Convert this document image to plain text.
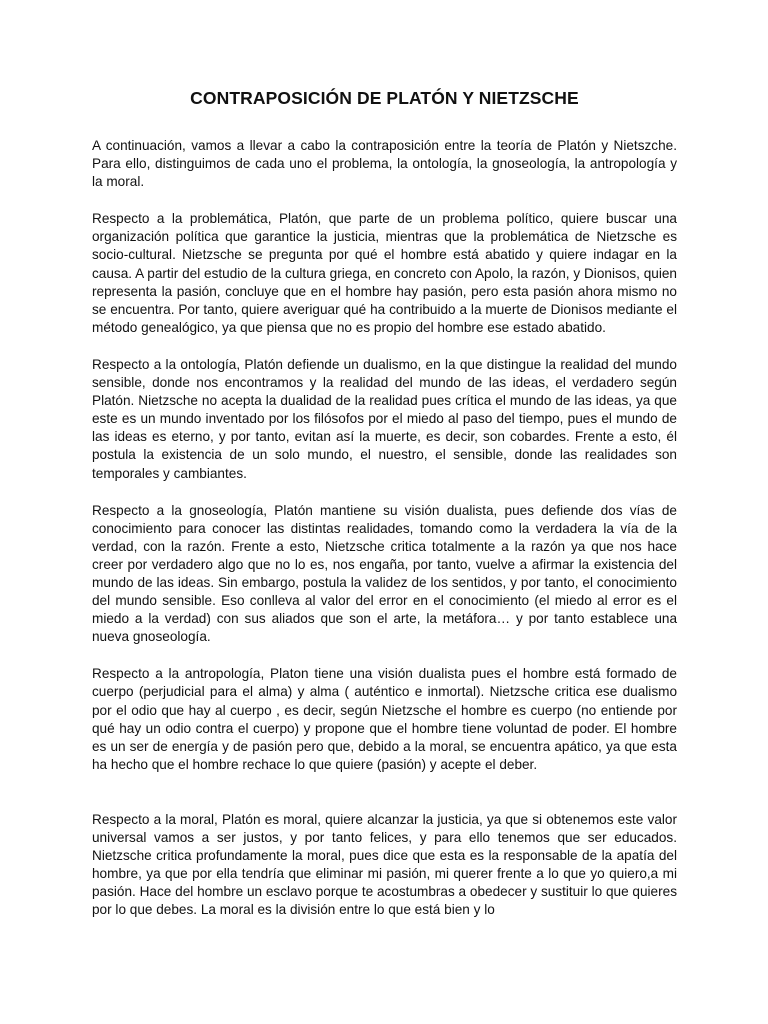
CONTRAPOSICIÓN DE PLATÓN Y NIETZSCHE

A continuación, vamos a llevar a cabo la contraposición entre la teoría de Platón y Nietszche. Para ello, distinguimos de cada uno el problema, la ontología, la gnoseología, la antropología y la moral.

Respecto a la problemática, Platón, que parte de un problema político, quiere buscar una organización política que garantice la justicia, mientras que la problemática de Nietzsche es socio-cultural. Nietzsche se pregunta por qué el hombre está abatido y quiere indagar en la causa. A partir del estudio de la cultura griega, en concreto con Apolo, la razón, y Dionisos, quien representa la pasión, concluye que en el hombre hay pasión, pero esta pasión ahora mismo no se encuentra. Por tanto, quiere averiguar qué ha contribuido a la muerte de Dionisos mediante el método genealógico, ya que piensa que no es propio del hombre ese estado abatido.

Respecto a la ontología, Platón defiende un dualismo, en la que distingue la realidad del mundo sensible, donde nos encontramos y la realidad del mundo de las ideas, el verdadero según Platón. Nietzsche no acepta la dualidad de la realidad pues crítica el mundo de las ideas, ya que este es un mundo inventado por los filósofos por el miedo al paso del tiempo, pues el mundo de las ideas es eterno, y por tanto, evitan así la muerte, es decir, son cobardes. Frente a esto, él postula la existencia de un solo mundo, el nuestro, el sensible, donde las realidades son temporales y cambiantes.

Respecto a la gnoseología, Platón mantiene su visión dualista, pues defiende dos vías de conocimiento para conocer las distintas realidades, tomando como la verdadera la vía de la verdad, con la razón. Frente a esto, Nietzsche critica totalmente a la razón ya que nos hace creer por verdadero algo que no lo es, nos engaña, por tanto, vuelve a afirmar la existencia del mundo de las ideas. Sin embargo, postula la validez de los sentidos, y por tanto, el conocimiento del mundo sensible. Eso conlleva al valor del error en el conocimiento (el miedo al error es el miedo a la verdad) con sus aliados que son el arte, la metáfora… y por tanto establece una nueva gnoseología.

Respecto a la antropología, Platon tiene una visión dualista pues el hombre está formado de cuerpo (perjudicial para el alma) y alma ( auténtico e inmortal). Nietzsche critica ese dualismo por el odio que hay al cuerpo , es decir, según Nietzsche el hombre es cuerpo (no entiende por qué hay un odio contra el cuerpo) y propone que el hombre tiene voluntad de poder. El hombre es un ser de energía y de pasión pero que, debido a la moral, se encuentra apático, ya que esta ha hecho que el hombre rechace lo que quiere (pasión) y acepte el deber.

Respecto a la moral, Platón es moral, quiere alcanzar la justicia, ya que si obtenemos este valor universal vamos a ser justos, y por tanto felices, y para ello tenemos que ser educados. Nietzsche critica profundamente la moral, pues dice que esta es la responsable de la apatía del hombre, ya que por ella tendría que eliminar mi pasión, mi querer frente a lo que yo quiero,a mi pasión. Hace del hombre un esclavo porque te acostumbras a obedecer y sustituir lo que quieres por lo que debes. La moral es la división entre lo que está bien y lo
